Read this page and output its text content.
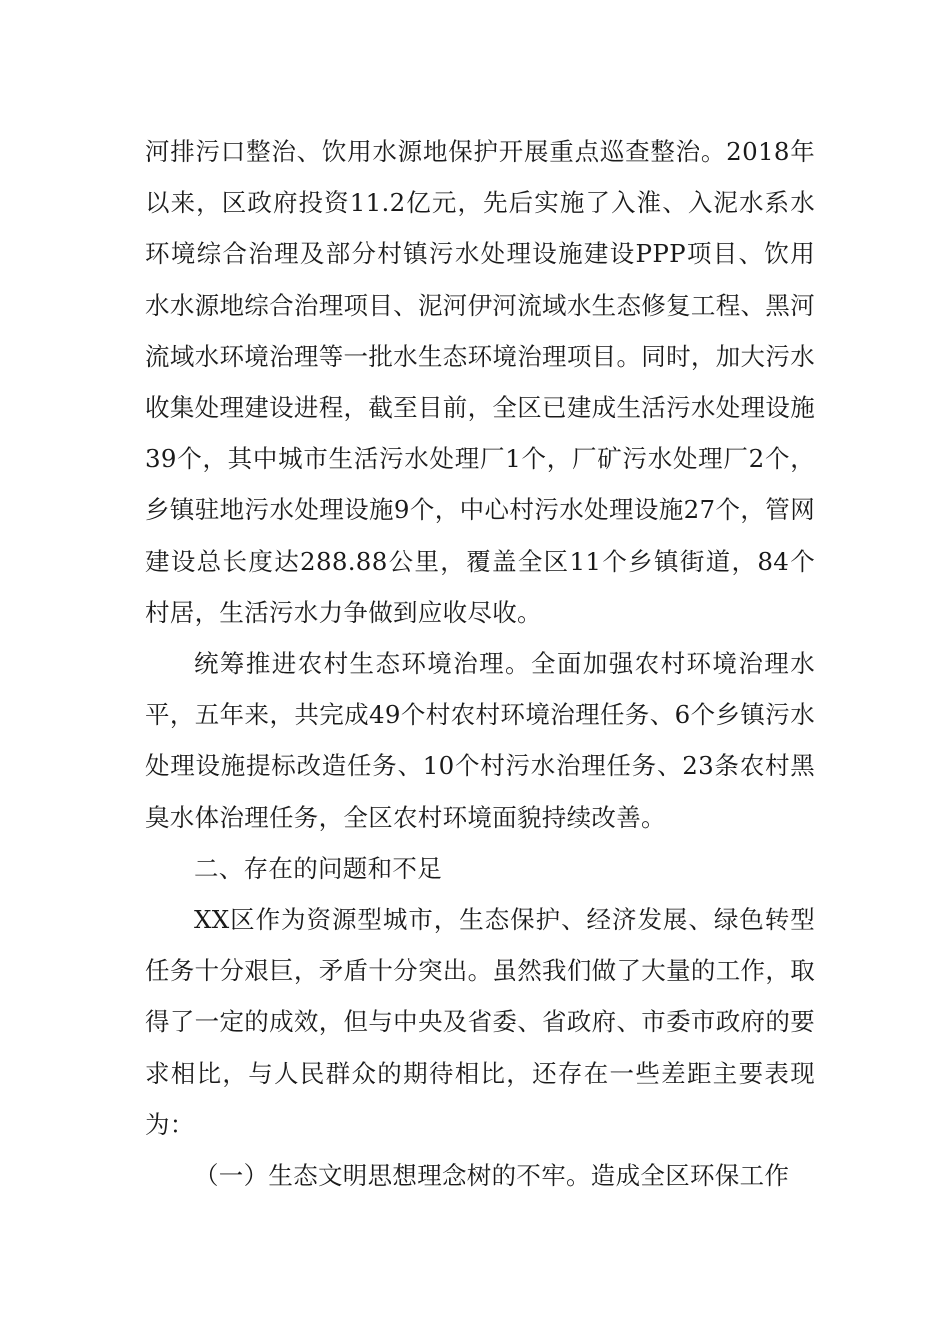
河排污口整治、饮用水源地保护开展重点巡查整治。2018年以来，区政府投资11.2亿元，先后实施了入淮、入泥水系水环境综合治理及部分村镇污水处理设施建设PPP项目、饮用水水源地综合治理项目、泥河伊河流域水生态修复工程、黑河流域水环境治理等一批水生态环境治理项目。同时，加大污水收集处理建设进程，截至目前，全区已建成生活污水处理设施39个，其中城市生活污水处理厂1个，厂矿污水处理厂2个，乡镇驻地污水处理设施9个，中心村污水处理设施27个，管网建设总长度达288.88公里，覆盖全区11个乡镇街道，84个村居，生活污水力争做到应收尽收。

统筹推进农村生态环境治理。全面加强农村环境治理水平，五年来，共完成49个村农村环境治理任务、6个乡镇污水处理设施提标改造任务、10个村污水治理任务、23条农村黑臭水体治理任务，全区农村环境面貌持续改善。

二、存在的问题和不足

XX区作为资源型城市，生态保护、经济发展、绿色转型任务十分艰巨，矛盾十分突出。虽然我们做了大量的工作，取得了一定的成效，但与中央及省委、省政府、市委市政府的要求相比，与人民群众的期待相比，还存在一些差距主要表现为：

（一）生态文明思想理念树的不牢。造成全区环保工作
